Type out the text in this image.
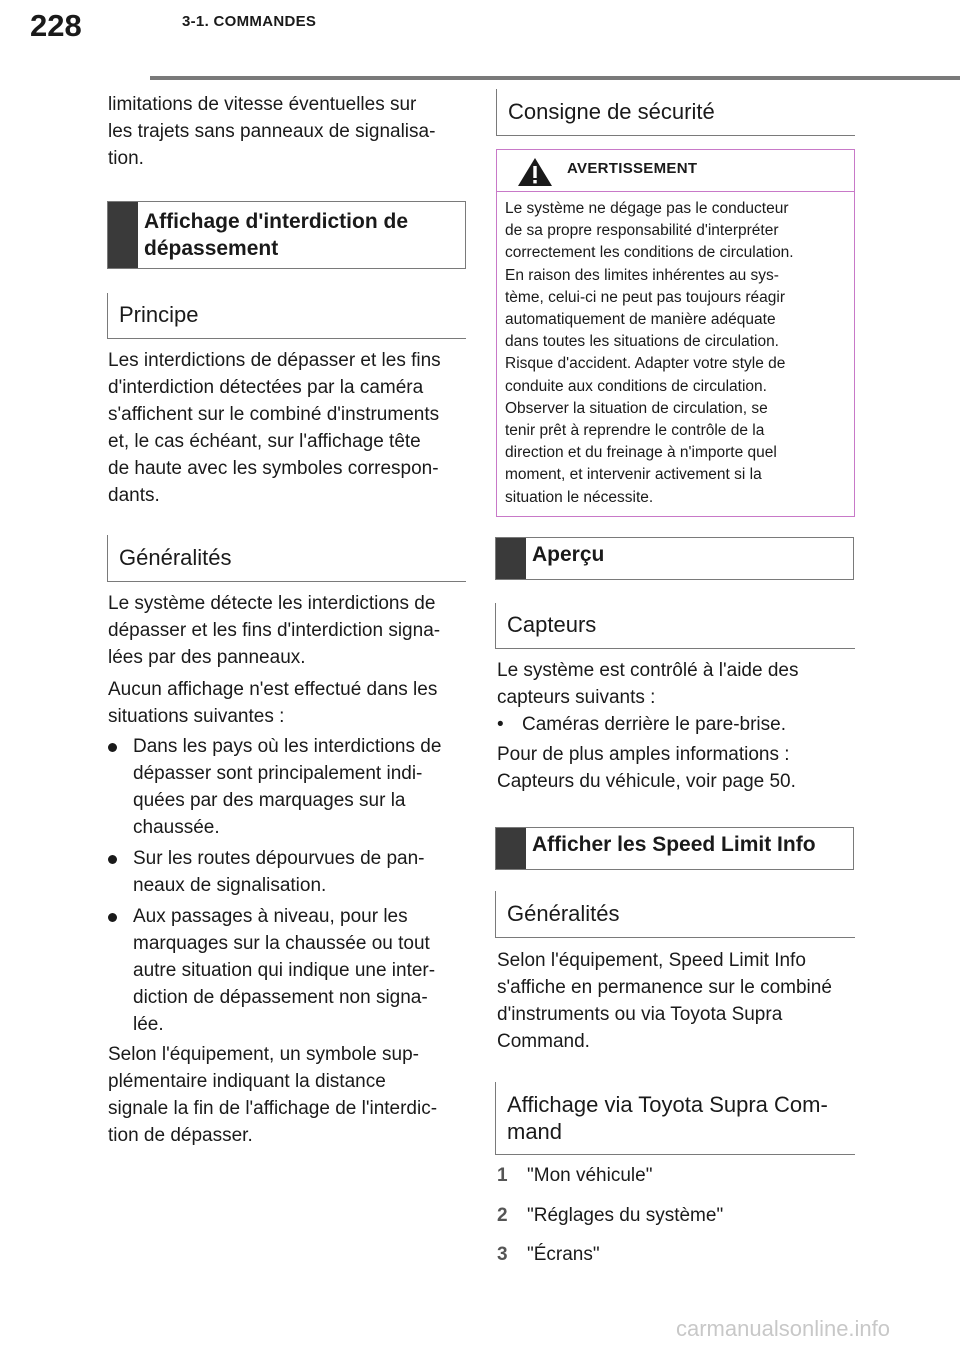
228	3-1. COMMANDES
limitations de vitesse éventuelles sur
les trajets sans panneaux de signalisa-
tion.
Affichage d'interdiction de
dépassement
Principe
Les interdictions de dépasser et les fins
d'interdiction détectées par la caméra
s'affichent sur le combiné d'instruments
et, le cas échéant, sur l'affichage tête
de haute avec les symboles correspon-
dants.
Généralités
Le système détecte les interdictions de
dépasser et les fins d'interdiction signa-
lées par des panneaux.
Aucun affichage n'est effectué dans les
situations suivantes :
Dans les pays où les interdictions de
dépasser sont principalement indi-
quées par des marquages sur la
chaussée.
Sur les routes dépourvues de pan-
neaux de signalisation.
Aux passages à niveau, pour les
marquages sur la chaussée ou tout
autre situation qui indique une inter-
diction de dépassement non signa-
lée.
Selon l'équipement, un symbole sup-
plémentaire indiquant la distance
signale la fin de l'affichage de l'interdic-
tion de dépasser.
Consigne de sécurité
AVERTISSEMENT
Le système ne dégage pas le conducteur
de sa propre responsabilité d'interpréter
correctement les conditions de circulation.
En raison des limites inhérentes au sys-
tème, celui-ci ne peut pas toujours réagir
automatiquement de manière adéquate
dans toutes les situations de circulation.
Risque d'accident. Adapter votre style de
conduite aux conditions de circulation.
Observer la situation de circulation, se
tenir prêt à reprendre le contrôle de la
direction et du freinage à n'importe quel
moment, et intervenir activement si la
situation le nécessite.
Aperçu
Capteurs
Le système est contrôlé à l'aide des
capteurs suivants :
• Caméras derrière le pare-brise.
Pour de plus amples informations :
Capteurs du véhicule, voir page 50.
Afficher les Speed Limit Info
Généralités
Selon l'équipement, Speed Limit Info
s'affiche en permanence sur le combiné
d'instruments ou via Toyota Supra
Command.
Affichage via Toyota Supra Com-
mand
1 "Mon véhicule"
2 "Réglages du système"
3 "Écrans"
carmanualsonline.info
